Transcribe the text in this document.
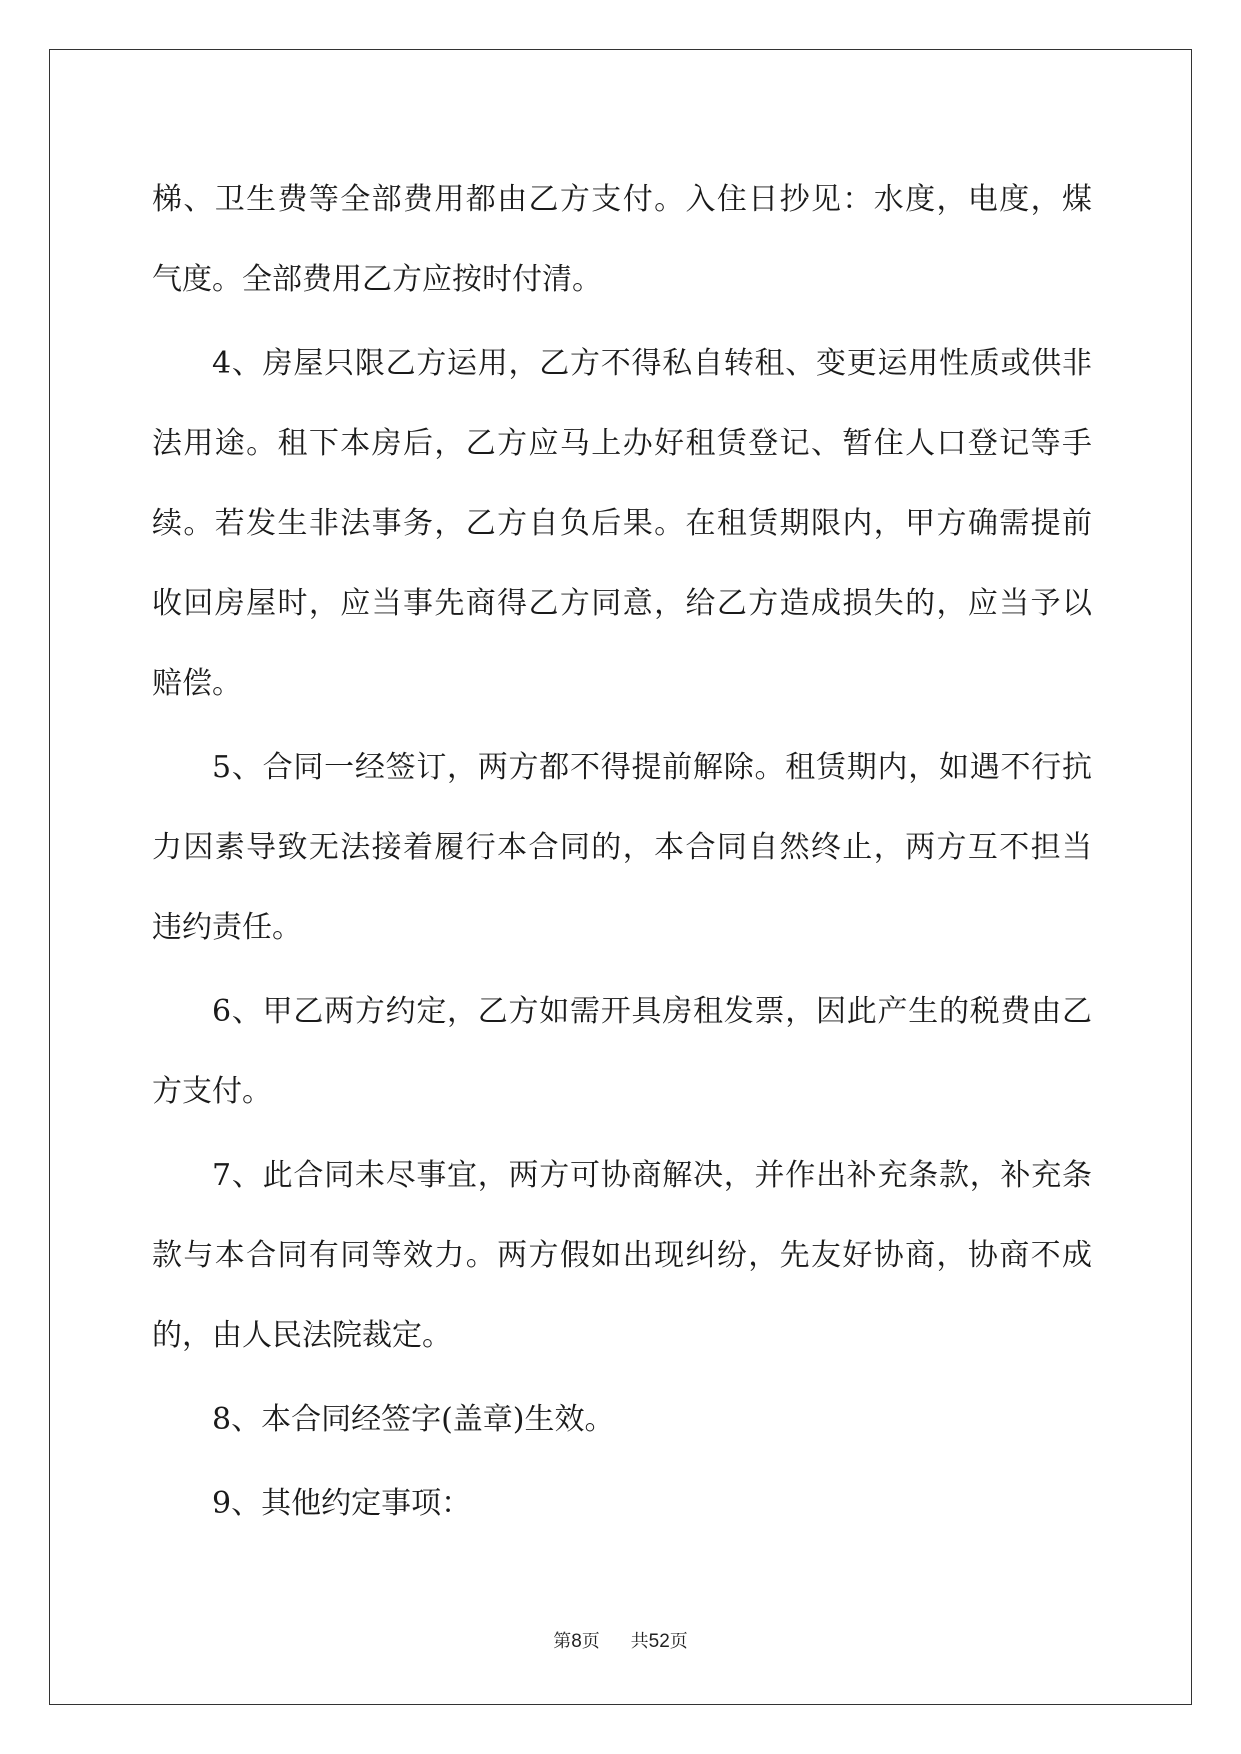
梯、卫生费等全部费用都由乙方支付。入住日抄见：水度，电度，煤
气度。全部费用乙方应按时付清。
4、房屋只限乙方运用，乙方不得私自转租、变更运用性质或供非
法用途。租下本房后，乙方应马上办好租赁登记、暂住人口登记等手
续。若发生非法事务，乙方自负后果。在租赁期限内，甲方确需提前
收回房屋时，应当事先商得乙方同意，给乙方造成损失的，应当予以
赔偿。
5、合同一经签订，两方都不得提前解除。租赁期内，如遇不行抗
力因素导致无法接着履行本合同的，本合同自然终止，两方互不担当
违约责任。
6、甲乙两方约定，乙方如需开具房租发票，因此产生的税费由乙
方支付。
7、此合同未尽事宜，两方可协商解决，并作出补充条款，补充条
款与本合同有同等效力。两方假如出现纠纷，先友好协商，协商不成
的，由人民法院裁定。
8、本合同经签字(盖章)生效。
9、其他约定事项：
第8页 共52页
